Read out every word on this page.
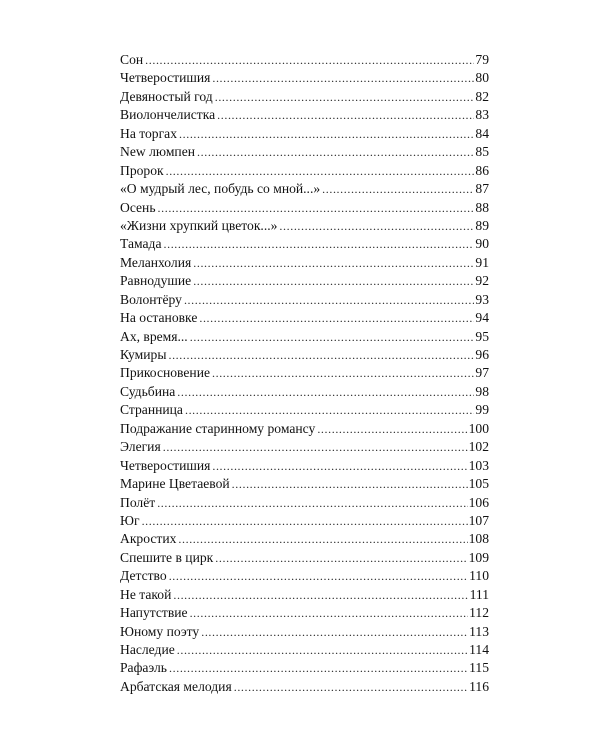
Сон . . .	79
Четверостишия . . .	80
Девяностый год . . .	82
Виолончелистка . . .	83
На торгах . . .	84
New люмпен . . .	85
Пророк . . .	86
«О мудрый лес, побудь со мной...» . . .	87
Осень . . .	88
«Жизни хрупкий цветок...» . . .	89
Тамада . . .	90
Меланхолия . . .	91
Равнодушие . . .	92
Волонтёру . . .	93
На остановке . . .	94
Ах, время... . . .	95
Кумиры . . .	96
Прикосновение . . .	97
Судьбина . . .	98
Странница . . .	99
Подражание старинному романсу . . .	100
Элегия . . .	102
Четверостишия . . .	103
Марине Цветаевой . . .	105
Полёт . . .	106
Юг . . .	107
Акростих . . .	108
Спешите в цирк . . .	109
Детство . . .	110
Не такой . . .	111
Напутствие . . .	112
Юному поэту . . .	113
Наследие . . .	114
Рафаэль . . .	115
Арбатская мелодия . . .	116
